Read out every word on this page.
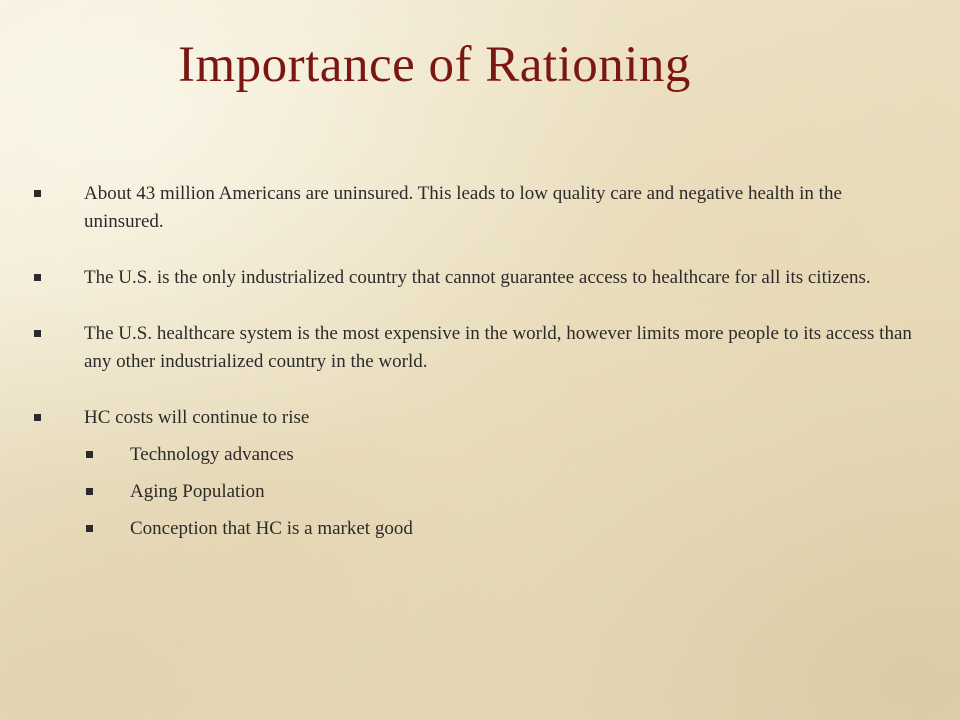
Importance of Rationing
About 43 million Americans are uninsured. This leads to low quality care and negative health in the uninsured.
The U.S. is the only industrialized country that cannot guarantee access to healthcare for all its citizens.
The U.S. healthcare system is the most expensive in the world, however limits more people to its access than any other industrialized country in the world.
HC costs will continue to rise
Technology advances
Aging Population
Conception that HC is a market good
